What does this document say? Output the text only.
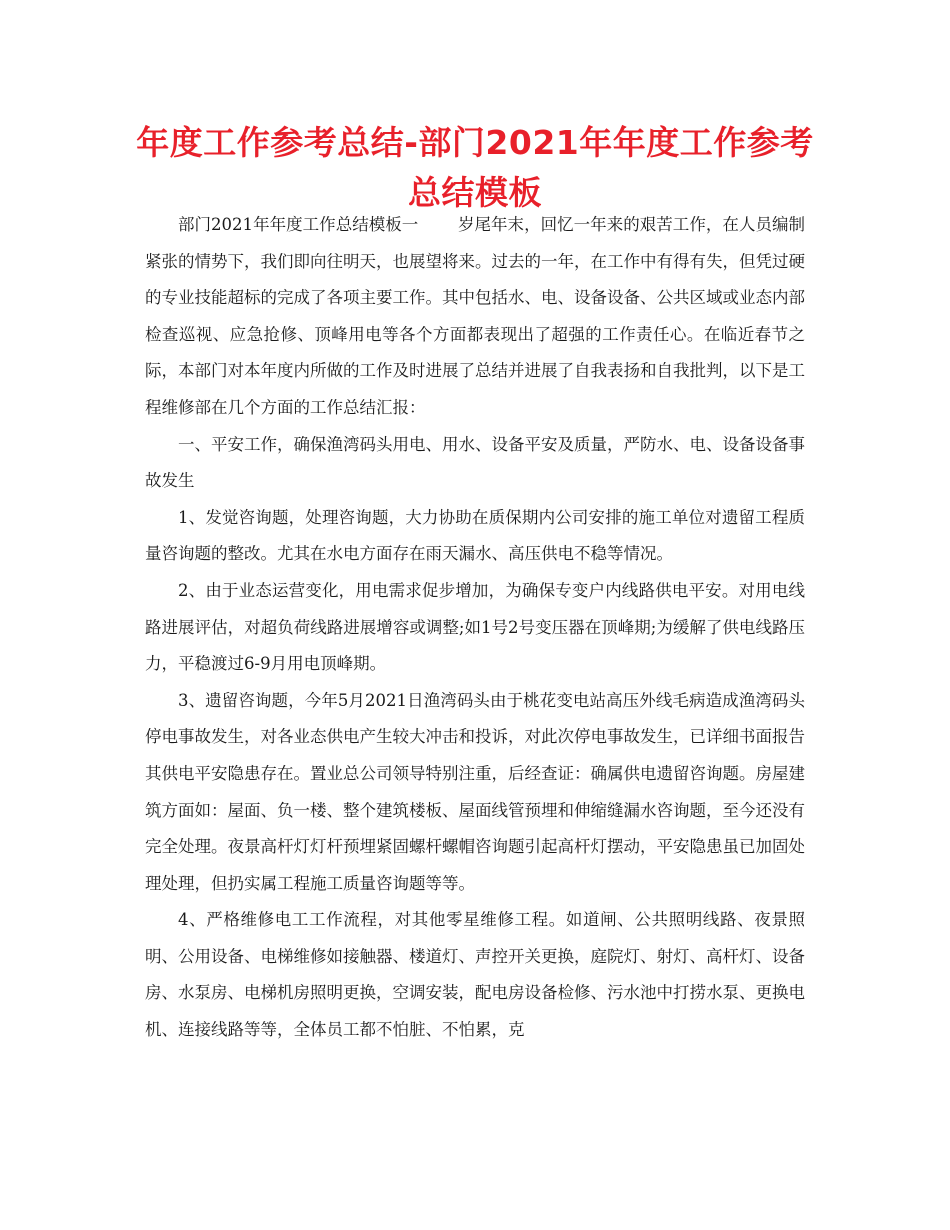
年度工作参考总结-部门2021年年度工作参考总结模板

部门2021年年度工作总结模板一 岁尾年末，回忆一年来的艰苦工作，在人员编制紧张的情势下，我们即向往明天，也展望将来。过去的一年，在工作中有得有失，但凭过硬的专业技能超标的完成了各项主要工作。其中包括水、电、设备设备、公共区域或业态内部检查巡视、应急抢修、顶峰用电等各个方面都表现出了超强的工作责任心。在临近春节之际，本部门对本年度内所做的工作及时进展了总结并进展了自我表扬和自我批判，以下是工程维修部在几个方面的工作总结汇报：

一、平安工作，确保渔湾码头用电、用水、设备平安及质量，严防水、电、设备设备事故发生

1、发觉咨询题，处理咨询题，大力协助在质保期内公司安排的施工单位对遗留工程质量咨询题的整改。尤其在水电方面存在雨天漏水、高压供电不稳等情况。

2、由于业态运营变化，用电需求促步增加，为确保专变户内线路供电平安。对用电线路进展评估，对超负荷线路进展增容或调整;如1号2号变压器在顶峰期;为缓解了供电线路压力，平稳渡过6-9月用电顶峰期。

3、遗留咨询题，今年5月2021日渔湾码头由于桃花变电站高压外线毛病造成渔湾码头停电事故发生，对各业态供电产生较大冲击和投诉，对此次停电事故发生，已详细书面报告其供电平安隐患存在。置业总公司领导特别注重，后经查证：确属供电遗留咨询题。房屋建筑方面如：屋面、负一楼、整个建筑楼板、屋面线管预埋和伸缩缝漏水咨询题，至今还没有完全处理。夜景高杆灯灯杆预埋紧固螺杆螺帽咨询题引起高杆灯摆动，平安隐患虽已加固处理处理，但扔实属工程施工质量咨询题等等。

4、严格维修电工工作流程，对其他零星维修工程。如道闸、公共照明线路、夜景照明、公用设备、电梯维修如接触器、楼道灯、声控开关更换，庭院灯、射灯、高杆灯、设备房、水泵房、电梯机房照明更换，空调安装，配电房设备检修、污水池中打捞水泵、更换电机、连接线路等等，全体员工都不怕脏、不怕累，克
